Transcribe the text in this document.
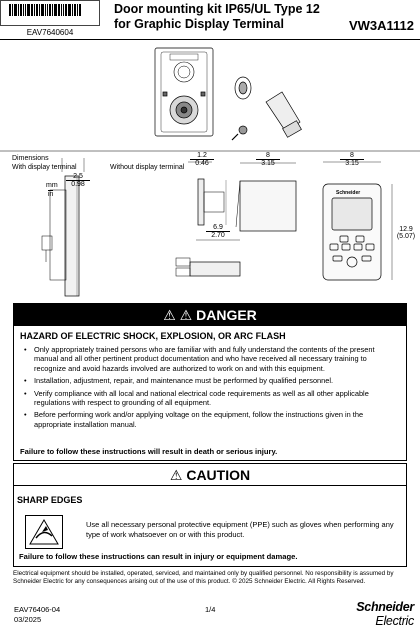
EAV7640604
Door mounting kit IP65/UL Type 12
for Graphic Display Terminal	VW3A1112
Dimensions
With display terminal	Without display terminal
mm
in
2.5
0.98
1.2
0.46
8
3.15
8
3.15
6.9
2.70
12.9
(5.07)
Schneider
⚠ ⚠ DANGER
HAZARD OF ELECTRIC SHOCK, EXPLOSION, OR ARC FLASH
• Only appropriately trained persons who are familiar with and fully understand the contents of the present manual and all other pertinent product documentation and who have received all necessary training to recognize and avoid hazards involved are authorized to work on and with this equipment.
• Installation, adjustment, repair, and maintenance must be performed by qualified personnel.
• Verify compliance with all local and national electrical code requirements as well as all other applicable regulations with respect to grounding of all equipment.
• Before performing work and/or applying voltage on the equipment, follow the instructions given in the appropriate installation manual.
Failure to follow these instructions will result in death or serious injury.
⚠ CAUTION
SHARP EDGES
Use all necessary personal protective equipment (PPE) such as gloves when performing any type of work whatsoever on or with this product.
Failure to follow these instructions can result in injury or equipment damage.
Electrical equipment should be installed, operated, serviced, and maintained only by qualified personnel. No responsibility is assumed by Schneider Electric for any consequences arising out of the use of this product. © 2025 Schneider Electric. All Rights Reserved.
EAV76406-04
03/2025
1/4	Schneider
Electric
